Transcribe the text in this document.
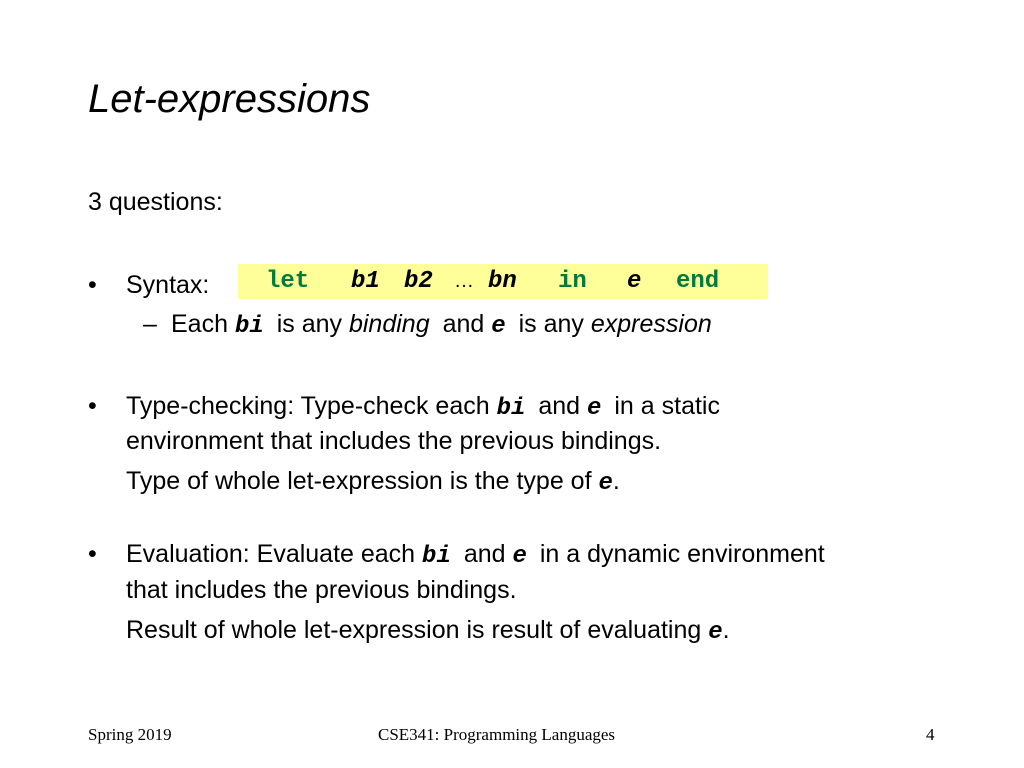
Let-expressions
3 questions:
• Syntax: let b1 b2 … bn in e end
– Each bi is any binding and e is any expression
• Type-checking: Type-check each bi and e in a static
environment that includes the previous bindings.
Type of whole let-expression is the type of e.
• Evaluation: Evaluate each bi and e in a dynamic environment
that includes the previous bindings.
Result of whole let-expression is result of evaluating e.
Spring 2019	CSE341: Programming Languages	4
